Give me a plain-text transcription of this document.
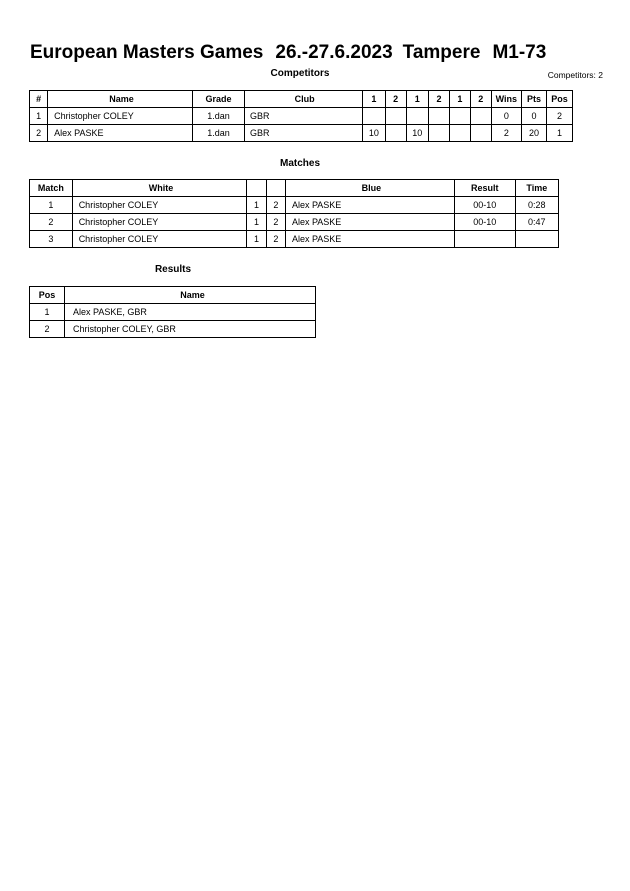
European Masters Games 26.-27.6.2023 Tampere M1-73
Competitors	Competitors: 2
#	Name	Grade	Club	1	2	1	2	1	2	Wins	Pts	Pos
1	Christopher COLEY	1.dan	GBR							0	0	2
2	Alex PASKE	1.dan	GBR	10		10				2	20	1
Matches
Match	White			Blue	Result	Time
1	Christopher COLEY	1	2	Alex PASKE	00-10	0:28
2	Christopher COLEY	1	2	Alex PASKE	00-10	0:47
3	Christopher COLEY	1	2	Alex PASKE		
Results
Pos	Name
1	Alex PASKE, GBR
2	Christopher COLEY, GBR
